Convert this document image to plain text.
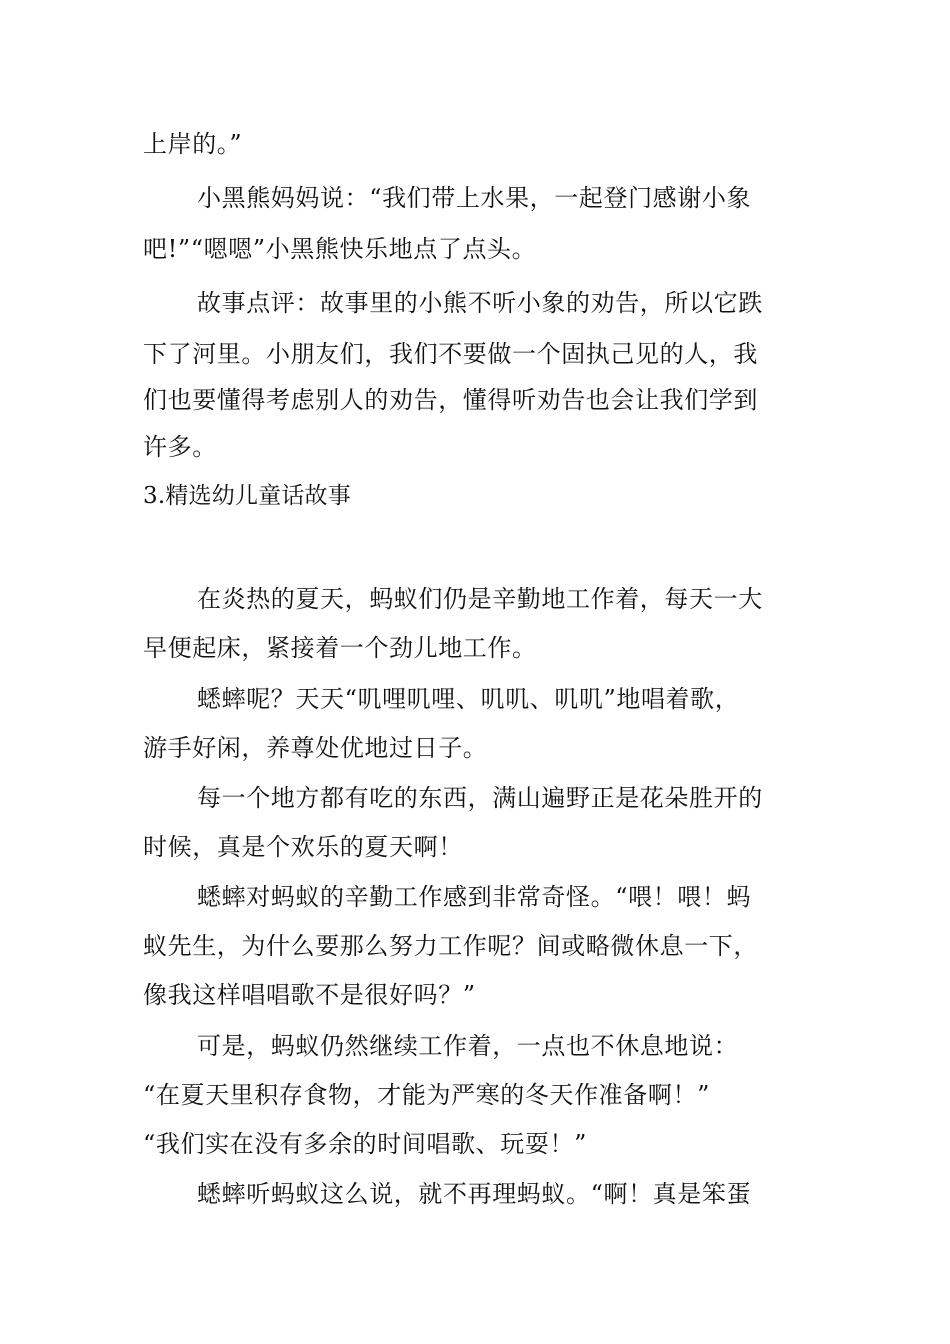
上岸的。”
小黑熊妈妈说：“我们带上水果，一起登门感谢小象
吧!”“嗯嗯”小黑熊快乐地点了点头。
故事点评：故事里的小熊不听小象的劝告，所以它跌
下了河里。小朋友们，我们不要做一个固执己见的人，我
们也要懂得考虑别人的劝告，懂得听劝告也会让我们学到
许多。
3.精选幼儿童话故事
在炎热的夏天，蚂蚁们仍是辛勤地工作着，每天一大
早便起床，紧接着一个劲儿地工作。
蟋蟀呢？天天“叽哩叽哩、叽叽、叽叽”地唱着歌，
游手好闲，养尊处优地过日子。
每一个地方都有吃的东西，满山遍野正是花朵胜开的
时候，真是个欢乐的夏天啊！
蟋蟀对蚂蚁的辛勤工作感到非常奇怪。“喂！喂！蚂
蚁先生，为什么要那么努力工作呢？间或略微休息一下，
像我这样唱唱歌不是很好吗？”
可是，蚂蚁仍然继续工作着，一点也不休息地说：
“在夏天里积存食物，才能为严寒的冬天作准备啊！”
“我们实在没有多余的时间唱歌、玩耍！”
蟋蟀听蚂蚁这么说，就不再理蚂蚁。“啊！真是笨蛋
